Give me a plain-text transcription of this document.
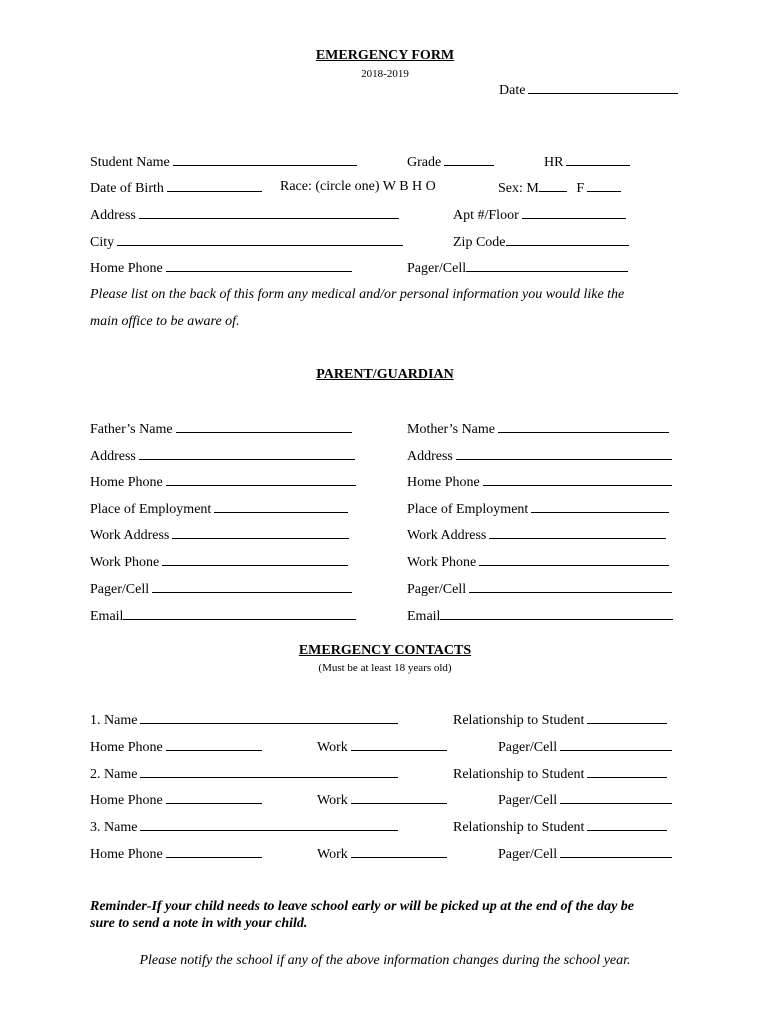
EMERGENCY FORM
2018-2019
Date
Student Name	Grade	HR
Date of Birth	Race: (circle one) W B H O	Sex: M	F
Address	Apt #/Floor
City	Zip Code
Home Phone	Pager/Cell
Please list on the back of this form any medical and/or personal information you would like the
main office to be aware of.
PARENT/GUARDIAN
Father’s Name	Mother’s Name
Address	Address
Home Phone	Home Phone
Place of Employment	Place of Employment
Work Address	Work Address
Work Phone	Work Phone
Pager/Cell	Pager/Cell
Email	Email
EMERGENCY CONTACTS
(Must be at least 18 years old)
1. Name	Relationship to Student
Home Phone	Work	Pager/Cell
2. Name	Relationship to Student
Home Phone	Work	Pager/Cell
3. Name	Relationship to Student
Home Phone	Work	Pager/Cell
Reminder-If your child needs to leave school early or will be picked up at the end of the day be
sure to send a note in with your child.
Please notify the school if any of the above information changes during the school year.
